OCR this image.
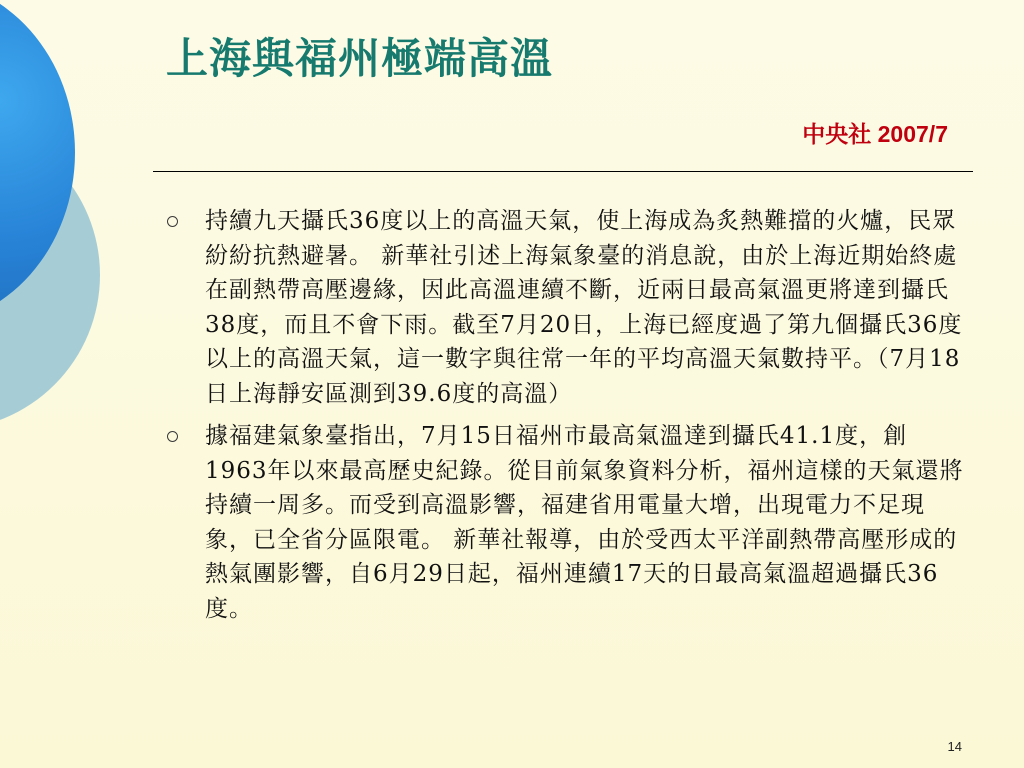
上海與福州極端高溫
中央社 2007/7
持續九天攝氏36度以上的高溫天氣，使上海成為炙熱難擋的火爐，民眾紛紛抗熱避暑。 新華社引述上海氣象臺的消息說，由於上海近期始終處在副熱帶高壓邊緣，因此高溫連續不斷，近兩日最高氣溫更將達到攝氏38度，而且不會下雨。截至7月20日，上海已經度過了第九個攝氏36度以上的高溫天氣，這一數字與往常一年的平均高溫天氣數持平。（7月18日上海靜安區測到39.6度的高溫）
據福建氣象臺指出，7月15日福州市最高氣溫達到攝氏41.1度，創1963年以來最高歷史紀錄。從目前氣象資料分析，福州這樣的天氣還將持續一周多。而受到高溫影響，福建省用電量大增，出現電力不足現象，已全省分區限電。 新華社報導，由於受西太平洋副熱帶高壓形成的熱氣團影響，自6月29日起，福州連續17天的日最高氣溫超過攝氏36度。
14
